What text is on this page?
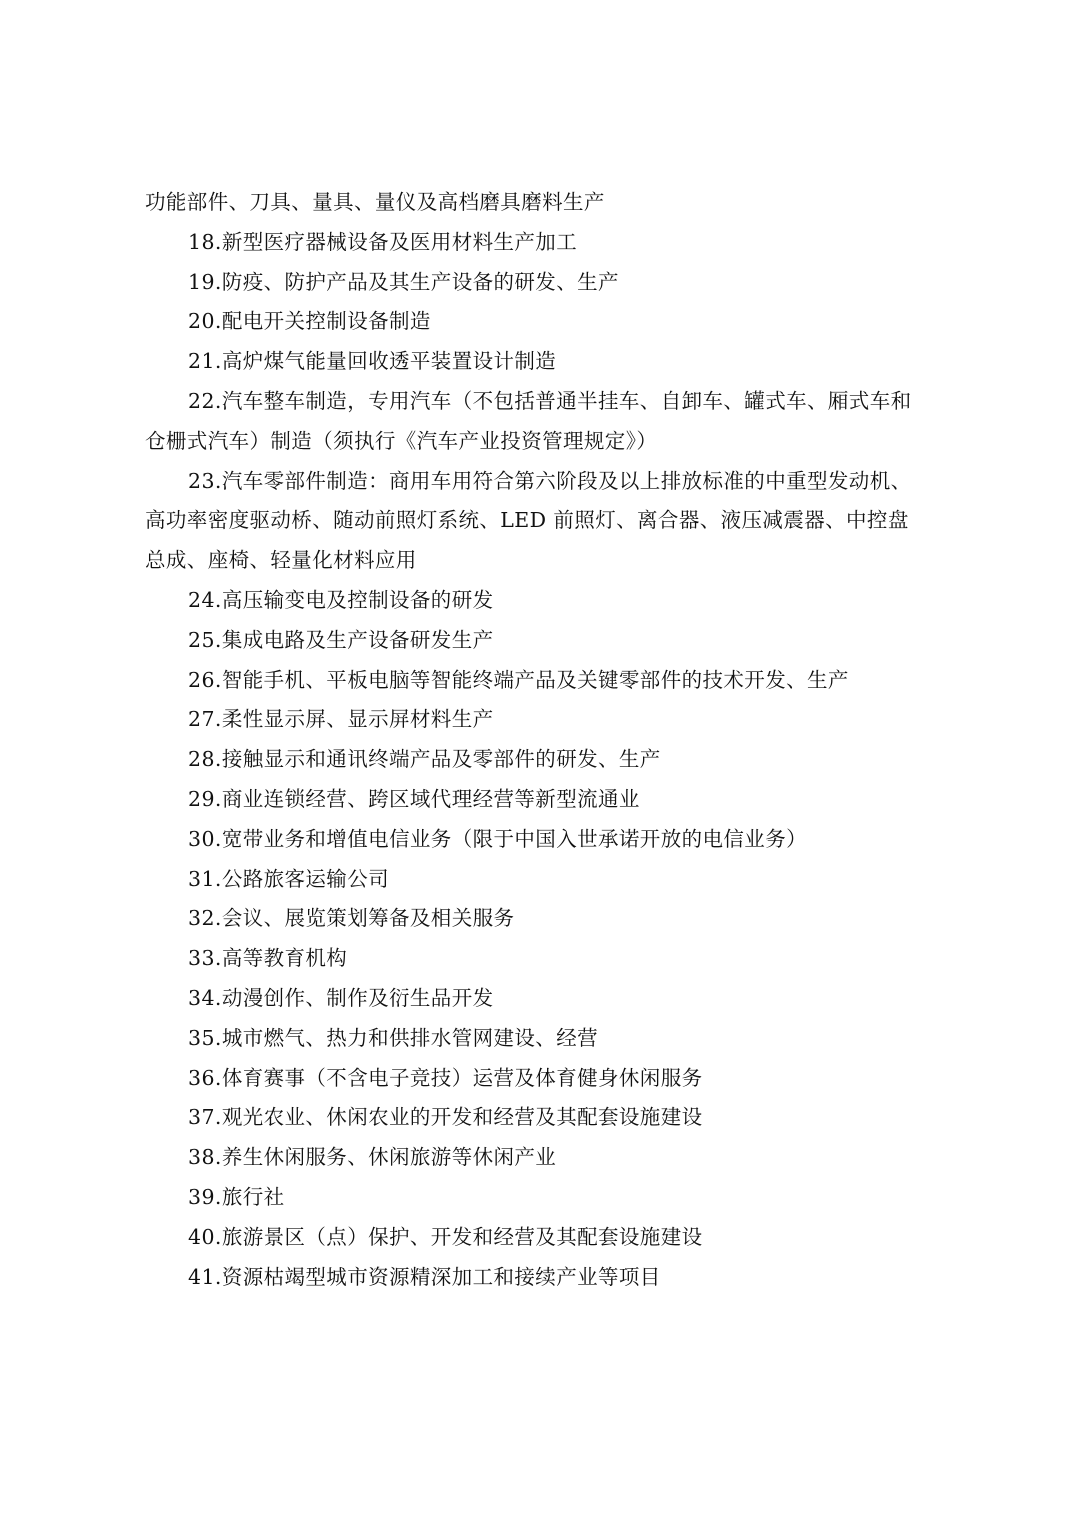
功能部件、刀具、量具、量仪及高档磨具磨料生产
18.新型医疗器械设备及医用材料生产加工
19.防疫、防护产品及其生产设备的研发、生产
20.配电开关控制设备制造
21.高炉煤气能量回收透平装置设计制造
22.汽车整车制造，专用汽车（不包括普通半挂车、自卸车、罐式车、厢式车和
仓栅式汽车）制造（须执行《汽车产业投资管理规定》）
23.汽车零部件制造：商用车用符合第六阶段及以上排放标准的中重型发动机、
高功率密度驱动桥、随动前照灯系统、LED 前照灯、离合器、液压减震器、中控盘
总成、座椅、轻量化材料应用
24.高压输变电及控制设备的研发
25.集成电路及生产设备研发生产
26.智能手机、平板电脑等智能终端产品及关键零部件的技术开发、生产
27.柔性显示屏、显示屏材料生产
28.接触显示和通讯终端产品及零部件的研发、生产
29.商业连锁经营、跨区域代理经营等新型流通业
30.宽带业务和增值电信业务（限于中国入世承诺开放的电信业务）
31.公路旅客运输公司
32.会议、展览策划筹备及相关服务
33.高等教育机构
34.动漫创作、制作及衍生品开发
35.城市燃气、热力和供排水管网建设、经营
36.体育赛事（不含电子竞技）运营及体育健身休闲服务
37.观光农业、休闲农业的开发和经营及其配套设施建设
38.养生休闲服务、休闲旅游等休闲产业
39.旅行社
40.旅游景区（点）保护、开发和经营及其配套设施建设
41.资源枯竭型城市资源精深加工和接续产业等项目
